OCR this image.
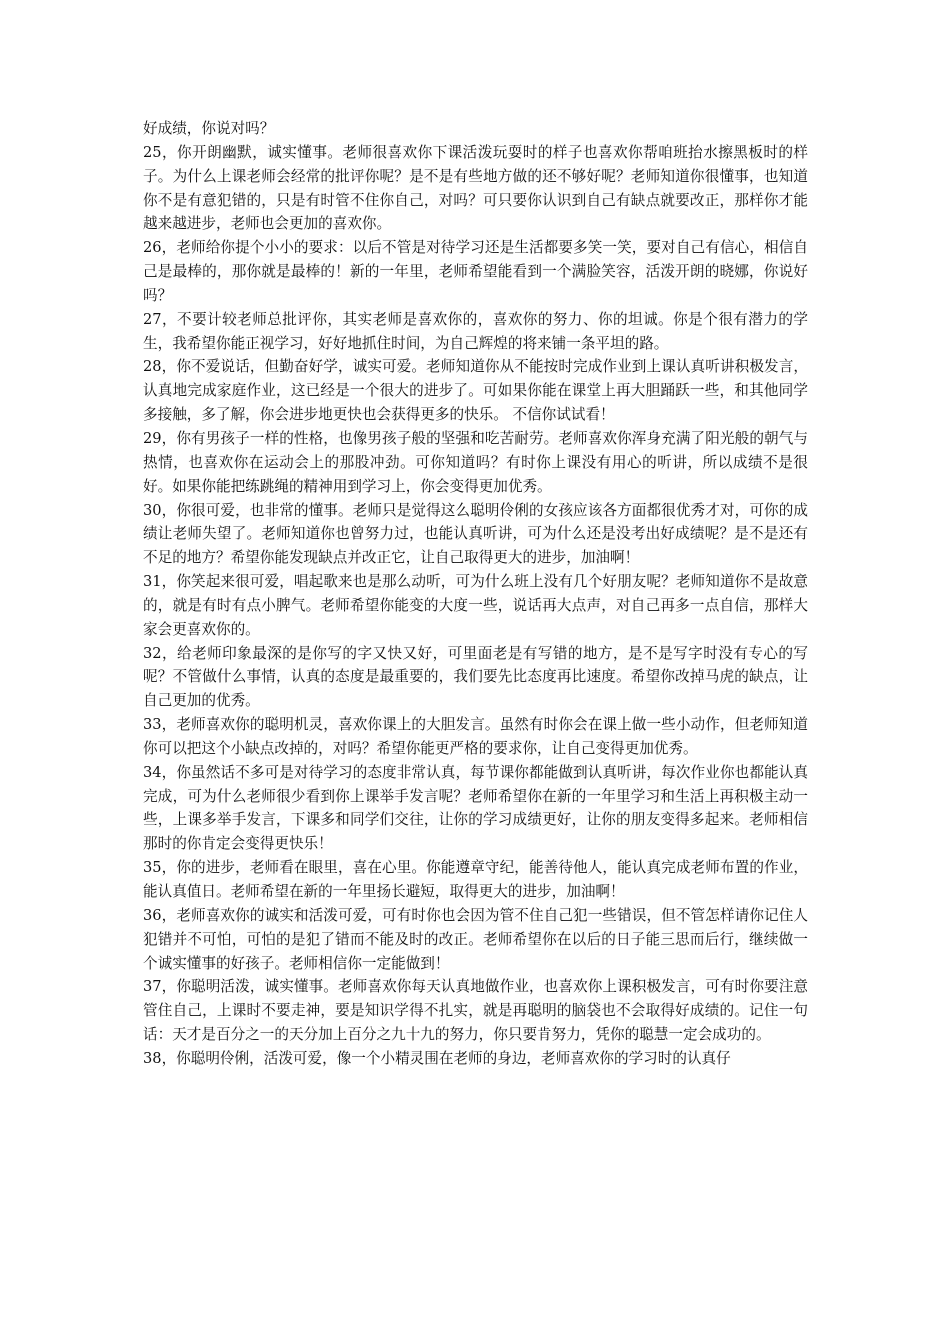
好成绩，你说对吗？

25，你开朗幽默，诚实懂事。老师很喜欢你下课活泼玩耍时的样子也喜欢你帮咱班抬水擦黑板时的样子。为什么上课老师会经常的批评你呢？是不是有些地方做的还不够好呢？老师知道你很懂事，也知道你不是有意犯错的，只是有时管不住你自己，对吗？可只要你认识到自己有缺点就要改正，那样你才能越来越进步，老师也会更加的喜欢你。

26，老师给你提个小小的要求：以后不管是对待学习还是生活都要多笑一笑，要对自己有信心，相信自己是最棒的，那你就是最棒的！新的一年里，老师希望能看到一个满脸笑容，活泼开朗的晓娜，你说好吗？

27，不要计较老师总批评你，其实老师是喜欢你的，喜欢你的努力、你的坦诚。你是个很有潜力的学生，我希望你能正视学习，好好地抓住时间，为自己辉煌的将来铺一条平坦的路。

28，你不爱说话，但勤奋好学，诚实可爱。老师知道你从不能按时完成作业到上课认真听讲积极发言，认真地完成家庭作业，这已经是一个很大的进步了。可如果你能在课堂上再大胆踊跃一些，和其他同学多接触，多了解，你会进步地更快也会获得更多的快乐。 不信你试试看！

29，你有男孩子一样的性格，也像男孩子般的坚强和吃苦耐劳。老师喜欢你浑身充满了阳光般的朝气与热情，也喜欢你在运动会上的那股冲劲。可你知道吗？有时你上课没有用心的听讲，所以成绩不是很好。如果你能把练跳绳的精神用到学习上，你会变得更加优秀。

30，你很可爱，也非常的懂事。老师只是觉得这么聪明伶俐的女孩应该各方面都很优秀才对，可你的成绩让老师失望了。老师知道你也曾努力过，也能认真听讲，可为什么还是没考出好成绩呢？是不是还有不足的地方？希望你能发现缺点并改正它，让自己取得更大的进步，加油啊！

31，你笑起来很可爱，唱起歌来也是那么动听，可为什么班上没有几个好朋友呢？老师知道你不是故意的，就是有时有点小脾气。老师希望你能变的大度一些，说话再大点声，对自己再多一点自信，那样大家会更喜欢你的。

32，给老师印象最深的是你写的字又快又好，可里面老是有写错的地方，是不是写字时没有专心的写呢？不管做什么事情，认真的态度是最重要的，我们要先比态度再比速度。希望你改掉马虎的缺点，让自己更加的优秀。

33，老师喜欢你的聪明机灵，喜欢你课上的大胆发言。虽然有时你会在课上做一些小动作，但老师知道你可以把这个小缺点改掉的，对吗？希望你能更严格的要求你，让自己变得更加优秀。

34，你虽然话不多可是对待学习的态度非常认真，每节课你都能做到认真听讲，每次作业你也都能认真完成，可为什么老师很少看到你上课举手发言呢？老师希望你在新的一年里学习和生活上再积极主动一些，上课多举手发言，下课多和同学们交往，让你的学习成绩更好，让你的朋友变得多起来。老师相信那时的你肯定会变得更快乐！

35，你的进步，老师看在眼里，喜在心里。你能遵章守纪，能善待他人，能认真完成老师布置的作业，能认真值日。老师希望在新的一年里扬长避短，取得更大的进步，加油啊！

36，老师喜欢你的诚实和活泼可爱，可有时你也会因为管不住自己犯一些错误，但不管怎样请你记住人犯错并不可怕，可怕的是犯了错而不能及时的改正。老师希望你在以后的日子能三思而后行，继续做一个诚实懂事的好孩子。老师相信你一定能做到！

37，你聪明活泼，诚实懂事。老师喜欢你每天认真地做作业，也喜欢你上课积极发言，可有时你要注意管住自己，上课时不要走神，要是知识学得不扎实，就是再聪明的脑袋也不会取得好成绩的。记住一句话：天才是百分之一的天分加上百分之九十九的努力，你只要肯努力，凭你的聪慧一定会成功的。

38，你聪明伶俐，活泼可爱，像一个小精灵围在老师的身边，老师喜欢你的学习时的认真仔
